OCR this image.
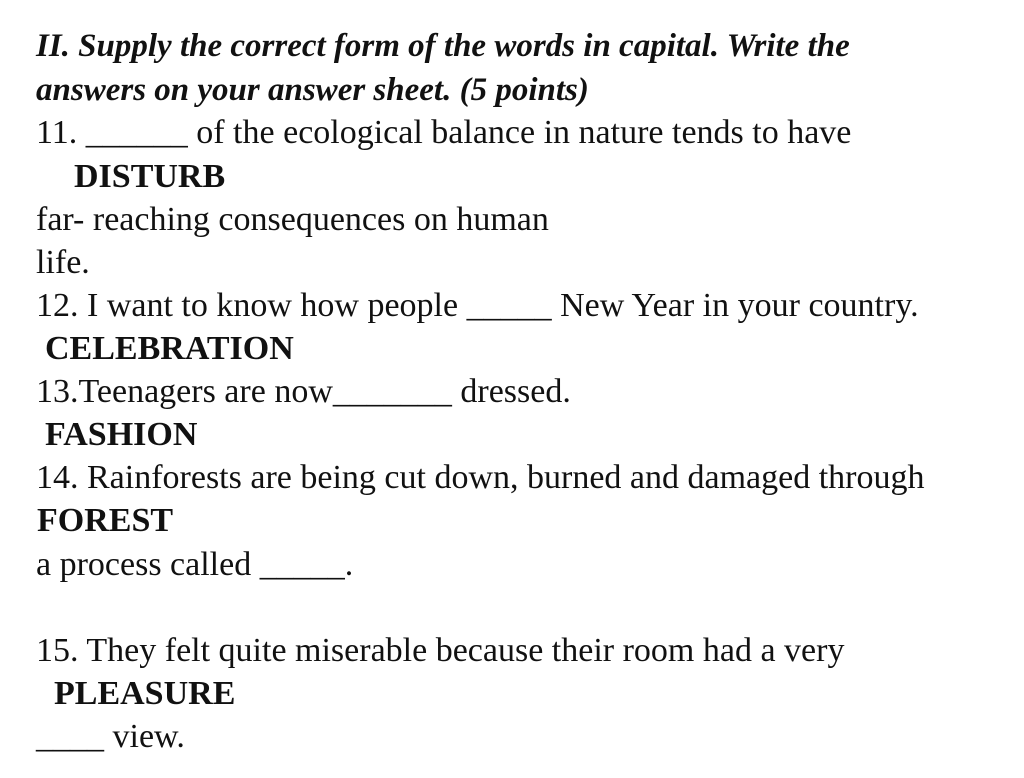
II. Supply the correct form of the words in capital. Write the
answers on your answer sheet. (5 points)
11. ______ of the ecological balance in nature tends to have
DISTURB
far- reaching consequences on human
life.
12. I want to know how people _____ New Year in your country.
CELEBRATION
13.Teenagers are now_______ dressed.
FASHION
14. Rainforests are being cut down, burned and damaged through
FOREST
a process called _____.
15. They felt quite miserable because their room had a very
PLEASURE
____ view.
